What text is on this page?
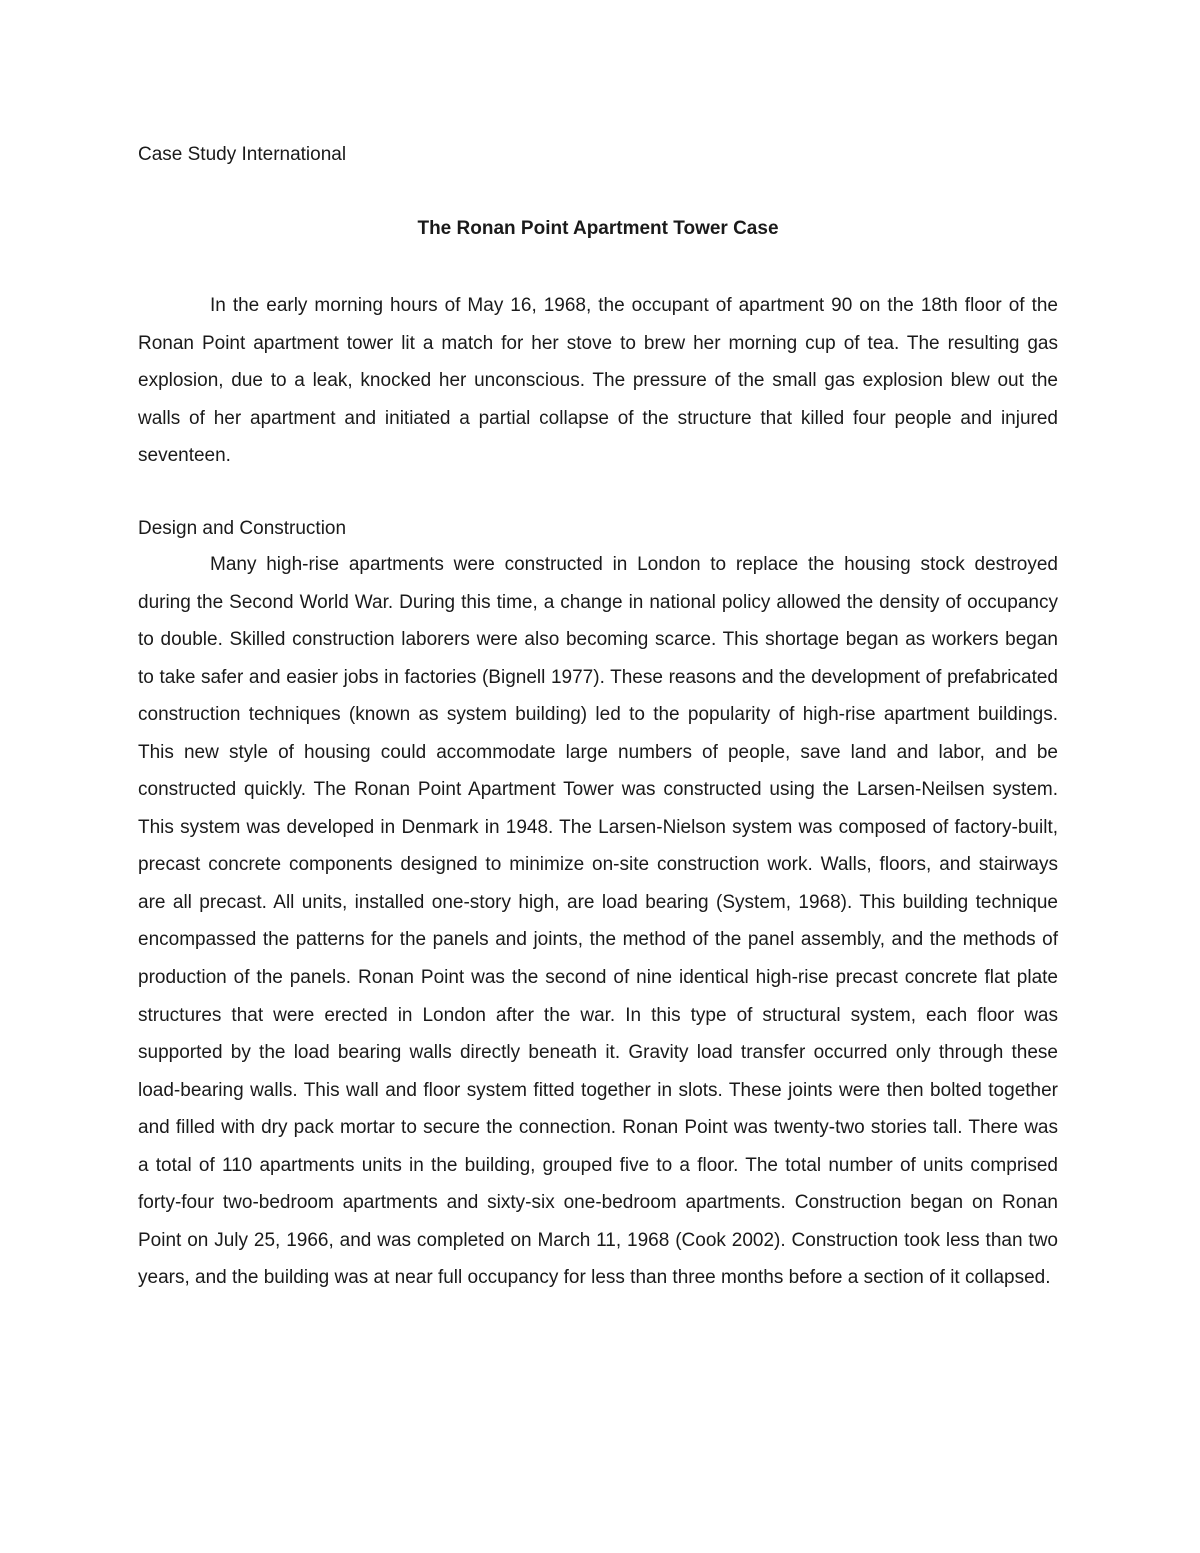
Case Study International
The Ronan Point Apartment Tower Case

In the early morning hours of May 16, 1968, the occupant of apartment 90 on the 18th floor of the Ronan Point apartment tower lit a match for her stove to brew her morning cup of tea. The resulting gas explosion, due to a leak, knocked her unconscious. The pressure of the small gas explosion blew out the walls of her apartment and initiated a partial collapse of the structure that killed four people and injured seventeen.

Design and Construction

Many high-rise apartments were constructed in London to replace the housing stock destroyed during the Second World War. During this time, a change in national policy allowed the density of occupancy to double. Skilled construction laborers were also becoming scarce. This shortage began as workers began to take safer and easier jobs in factories (Bignell 1977). These reasons and the development of prefabricated construction techniques (known as system building) led to the popularity of high-rise apartment buildings. This new style of housing could accommodate large numbers of people, save land and labor, and be constructed quickly. The Ronan Point Apartment Tower was constructed using the Larsen-Neilsen system. This system was developed in Denmark in 1948. The Larsen-Nielson system was composed of factory-built, precast concrete components designed to minimize on-site construction work. Walls, floors, and stairways are all precast. All units, installed one-story high, are load bearing (System, 1968). This building technique encompassed the patterns for the panels and joints, the method of the panel assembly, and the methods of production of the panels. Ronan Point was the second of nine identical high-rise precast concrete flat plate structures that were erected in London after the war. In this type of structural system, each floor was supported by the load bearing walls directly beneath it. Gravity load transfer occurred only through these load-bearing walls. This wall and floor system fitted together in slots. These joints were then bolted together and filled with dry pack mortar to secure the connection. Ronan Point was twenty-two stories tall. There was a total of 110 apartments units in the building, grouped five to a floor. The total number of units comprised forty-four two-bedroom apartments and sixty-six one-bedroom apartments. Construction began on Ronan Point on July 25, 1966, and was completed on March 11, 1968 (Cook 2002). Construction took less than two years, and the building was at near full occupancy for less than three months before a section of it collapsed.
